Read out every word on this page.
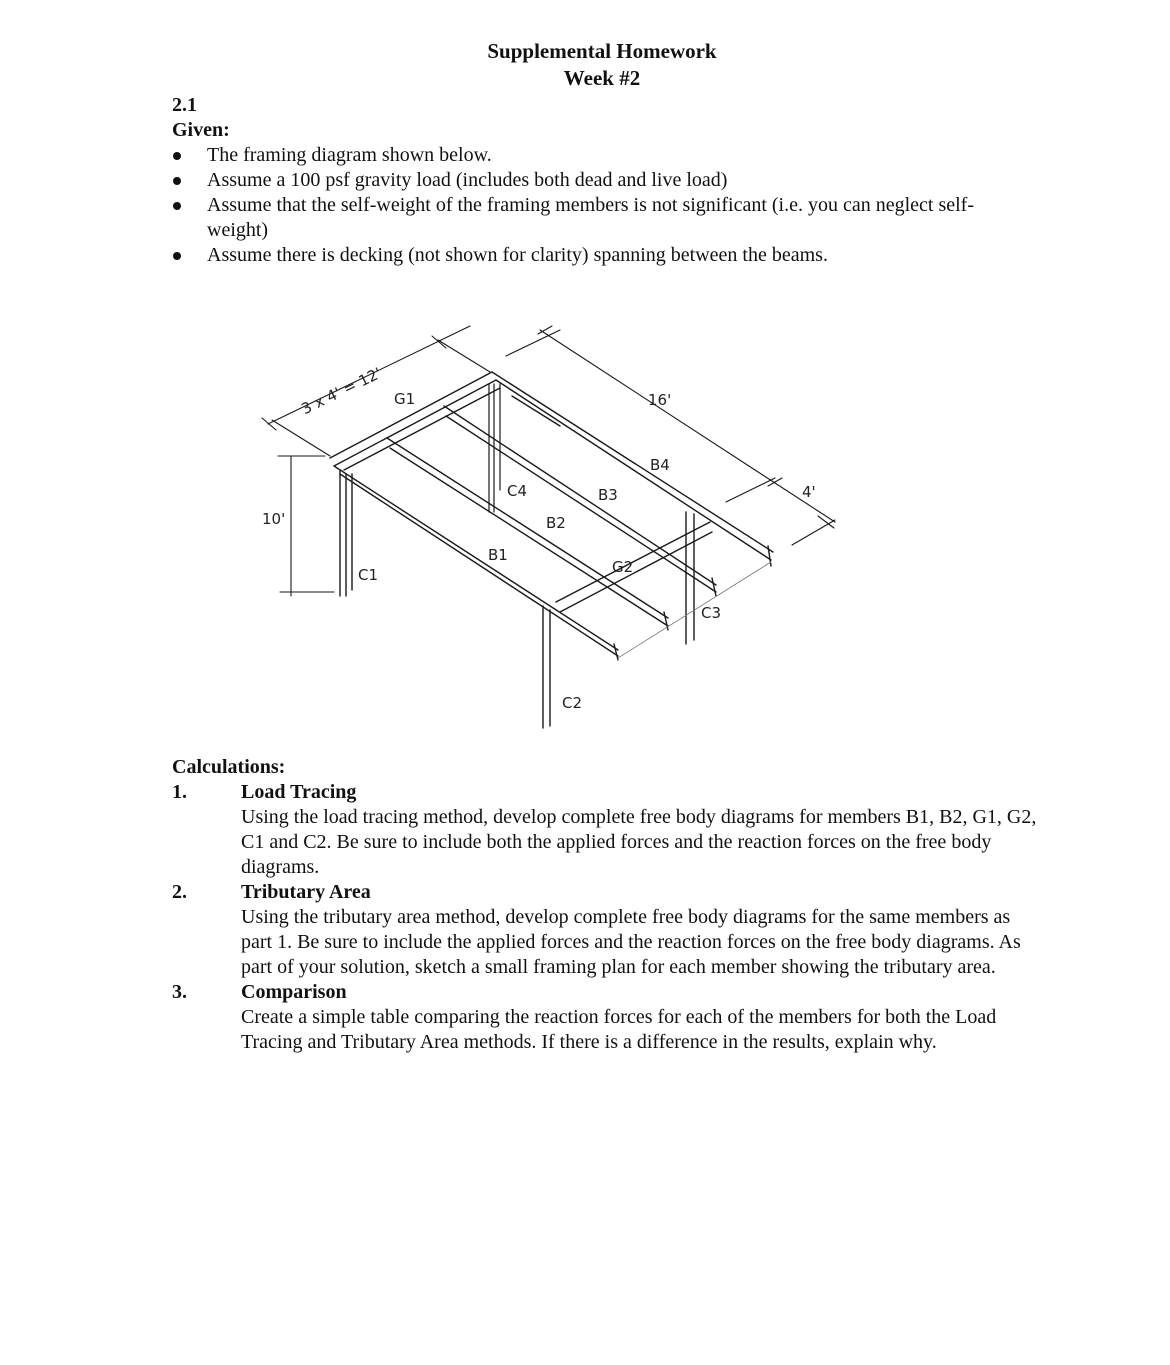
Supplemental Homework
Week #2
2.1
Given:
The framing diagram shown below.
Assume a 100 psf gravity load (includes both dead and live load)
Assume that the self-weight of the framing members is not significant (i.e. you can neglect self-weight)
Assume there is decking (not shown for clarity) spanning between the beams.
3 x 4' = 12'	16'
4'
10'
G1
B1
B2
B3
B4
G2
C1
C4
C2
C3
Calculations:
1.	Load Tracing
Using the load tracing method, develop complete free body diagrams for members B1, B2, G1, G2, C1 and C2. Be sure to include both the applied forces and the reaction forces on the free body diagrams.
2.	Tributary Area
Using the tributary area method, develop complete free body diagrams for the same members as part 1. Be sure to include the applied forces and the reaction forces on the free body diagrams. As part of your solution, sketch a small framing plan for each member showing the tributary area.
3.	Comparison
Create a simple table comparing the reaction forces for each of the members for both the Load Tracing and Tributary Area methods. If there is a difference in the results, explain why.
